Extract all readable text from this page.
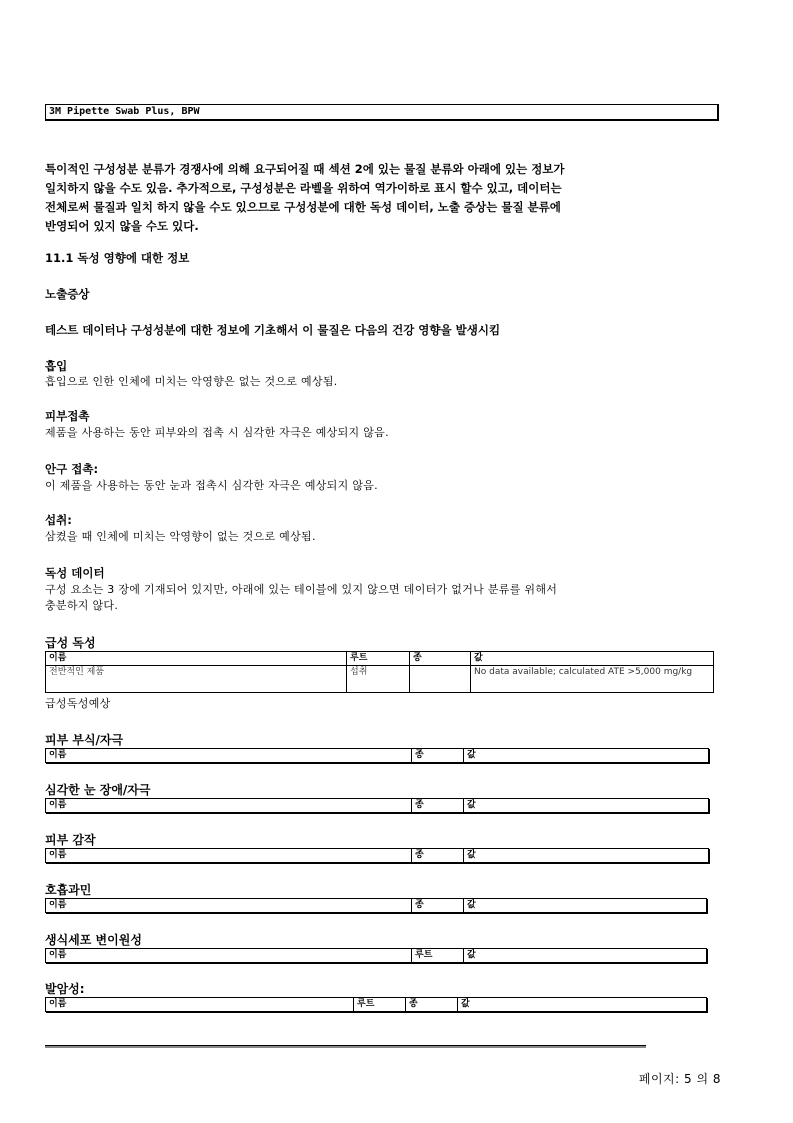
3M Pipette Swab Plus, BPW
특이적인 구성성분 분류가 경쟁사에 의해 요구되어질 때 섹션 2에 있는 물질 분류와 아래에 있는 정보가
일치하지 않을 수도 있음. 추가적으로, 구성성분은 라벨을 위하여 역가이하로 표시 할수 있고, 데이터는
전체로써 물질과 일치 하지 않을 수도 있으므로 구성성분에 대한 독성 데이터, 노출 증상는 물질 분류에
반영되어 있지 않을 수도 있다.
11.1 독성 영향에 대한 정보
노출증상
테스트 데이터나 구성성분에 대한 정보에 기초해서 이 물질은 다음의 건강 영향을 발생시킴
흡입
흡입으로 인한 인체에 미치는 악영향은 없는 것으로 예상됨.
피부접촉
제품을 사용하는 동안 피부와의 접촉 시 심각한 자극은 예상되지 않음.
안구 접촉:
이 제품을 사용하는 동안 눈과 접촉시 심각한 자극은 예상되지 않음.
섭취:
삼켰을 때 인체에 미치는 악영향이 없는 것으로 예상됨.
독성 데이터
구성 요소는 3 장에 기재되어 있지만, 아래에 있는 테이블에 있지 않으면 데이터가 없거나 분류를 위해서
충분하지 않다.
급성 독성
이름	루트	종	값
전반적인 제품	섭취		No data available; calculated ATE >5,000 mg/kg
급성독성예상
피부 부식/자극
이름	종	값
심각한 눈 장애/자극
이름	종	값
피부 감작
이름	종	값
호흡과민
이름	종	값
생식세포 변이원성
이름	루트	값
발암성:
이름	루트	종	값
페이지: 5 의 8
